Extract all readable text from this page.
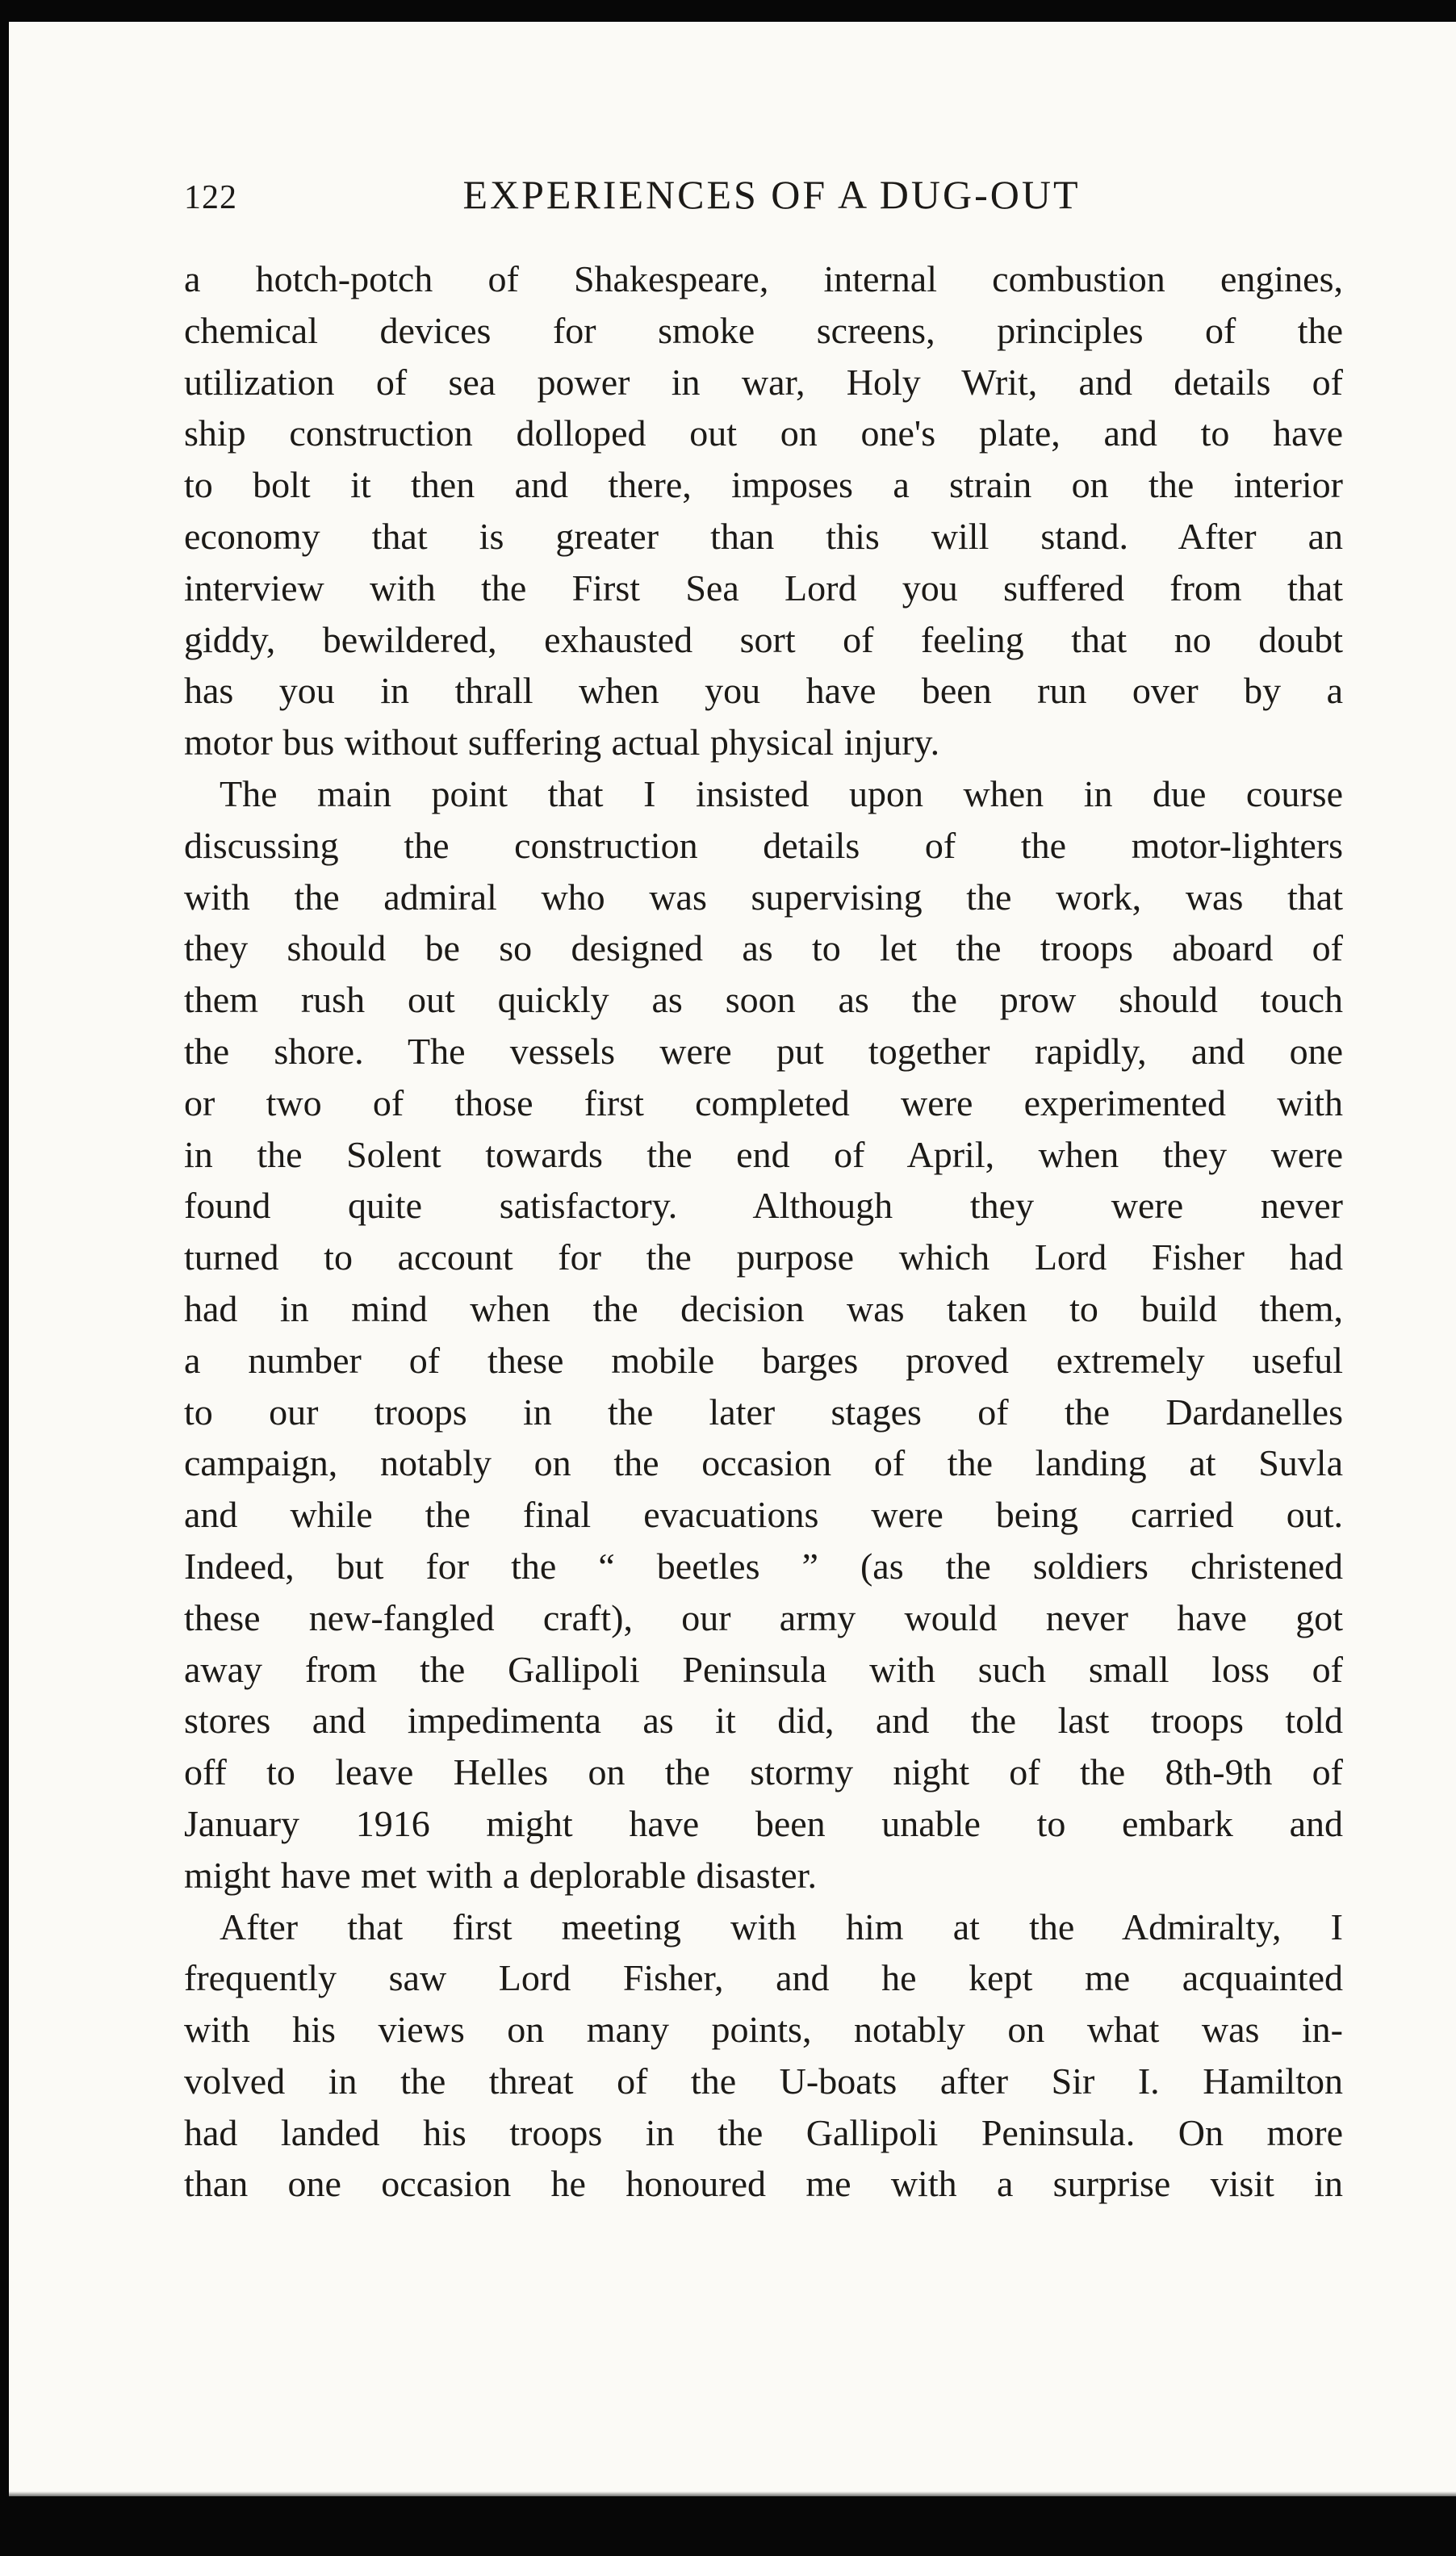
122	EXPERIENCES OF A DUG-OUT
a hotch-potch of Shakespeare, internal combustion engines,
chemical devices for smoke screens, principles of the
utilization of sea power in war, Holy Writ, and details of
ship construction dolloped out on one's plate, and to have
to bolt it then and there, imposes a strain on the interior
economy that is greater than this will stand. After an
interview with the First Sea Lord you suffered from that
giddy, bewildered, exhausted sort of feeling that no doubt
has you in thrall when you have been run over by a
motor bus without suffering actual physical injury.
The main point that I insisted upon when in due course
discussing the construction details of the motor-lighters
with the admiral who was supervising the work, was that
they should be so designed as to let the troops aboard of
them rush out quickly as soon as the prow should touch
the shore. The vessels were put together rapidly, and one
or two of those first completed were experimented with
in the Solent towards the end of April, when they were
found quite satisfactory. Although they were never
turned to account for the purpose which Lord Fisher had
had in mind when the decision was taken to build them,
a number of these mobile barges proved extremely useful
to our troops in the later stages of the Dardanelles
campaign, notably on the occasion of the landing at Suvla
and while the final evacuations were being carried out.
Indeed, but for the “ beetles ” (as the soldiers christened
these new-fangled craft), our army would never have got
away from the Gallipoli Peninsula with such small loss of
stores and impedimenta as it did, and the last troops told
off to leave Helles on the stormy night of the 8th-9th of
January 1916 might have been unable to embark and
might have met with a deplorable disaster.
After that first meeting with him at the Admiralty, I
frequently saw Lord Fisher, and he kept me acquainted
with his views on many points, notably on what was in-
volved in the threat of the U-boats after Sir I. Hamilton
had landed his troops in the Gallipoli Peninsula. On more
than one occasion he honoured me with a surprise visit in
